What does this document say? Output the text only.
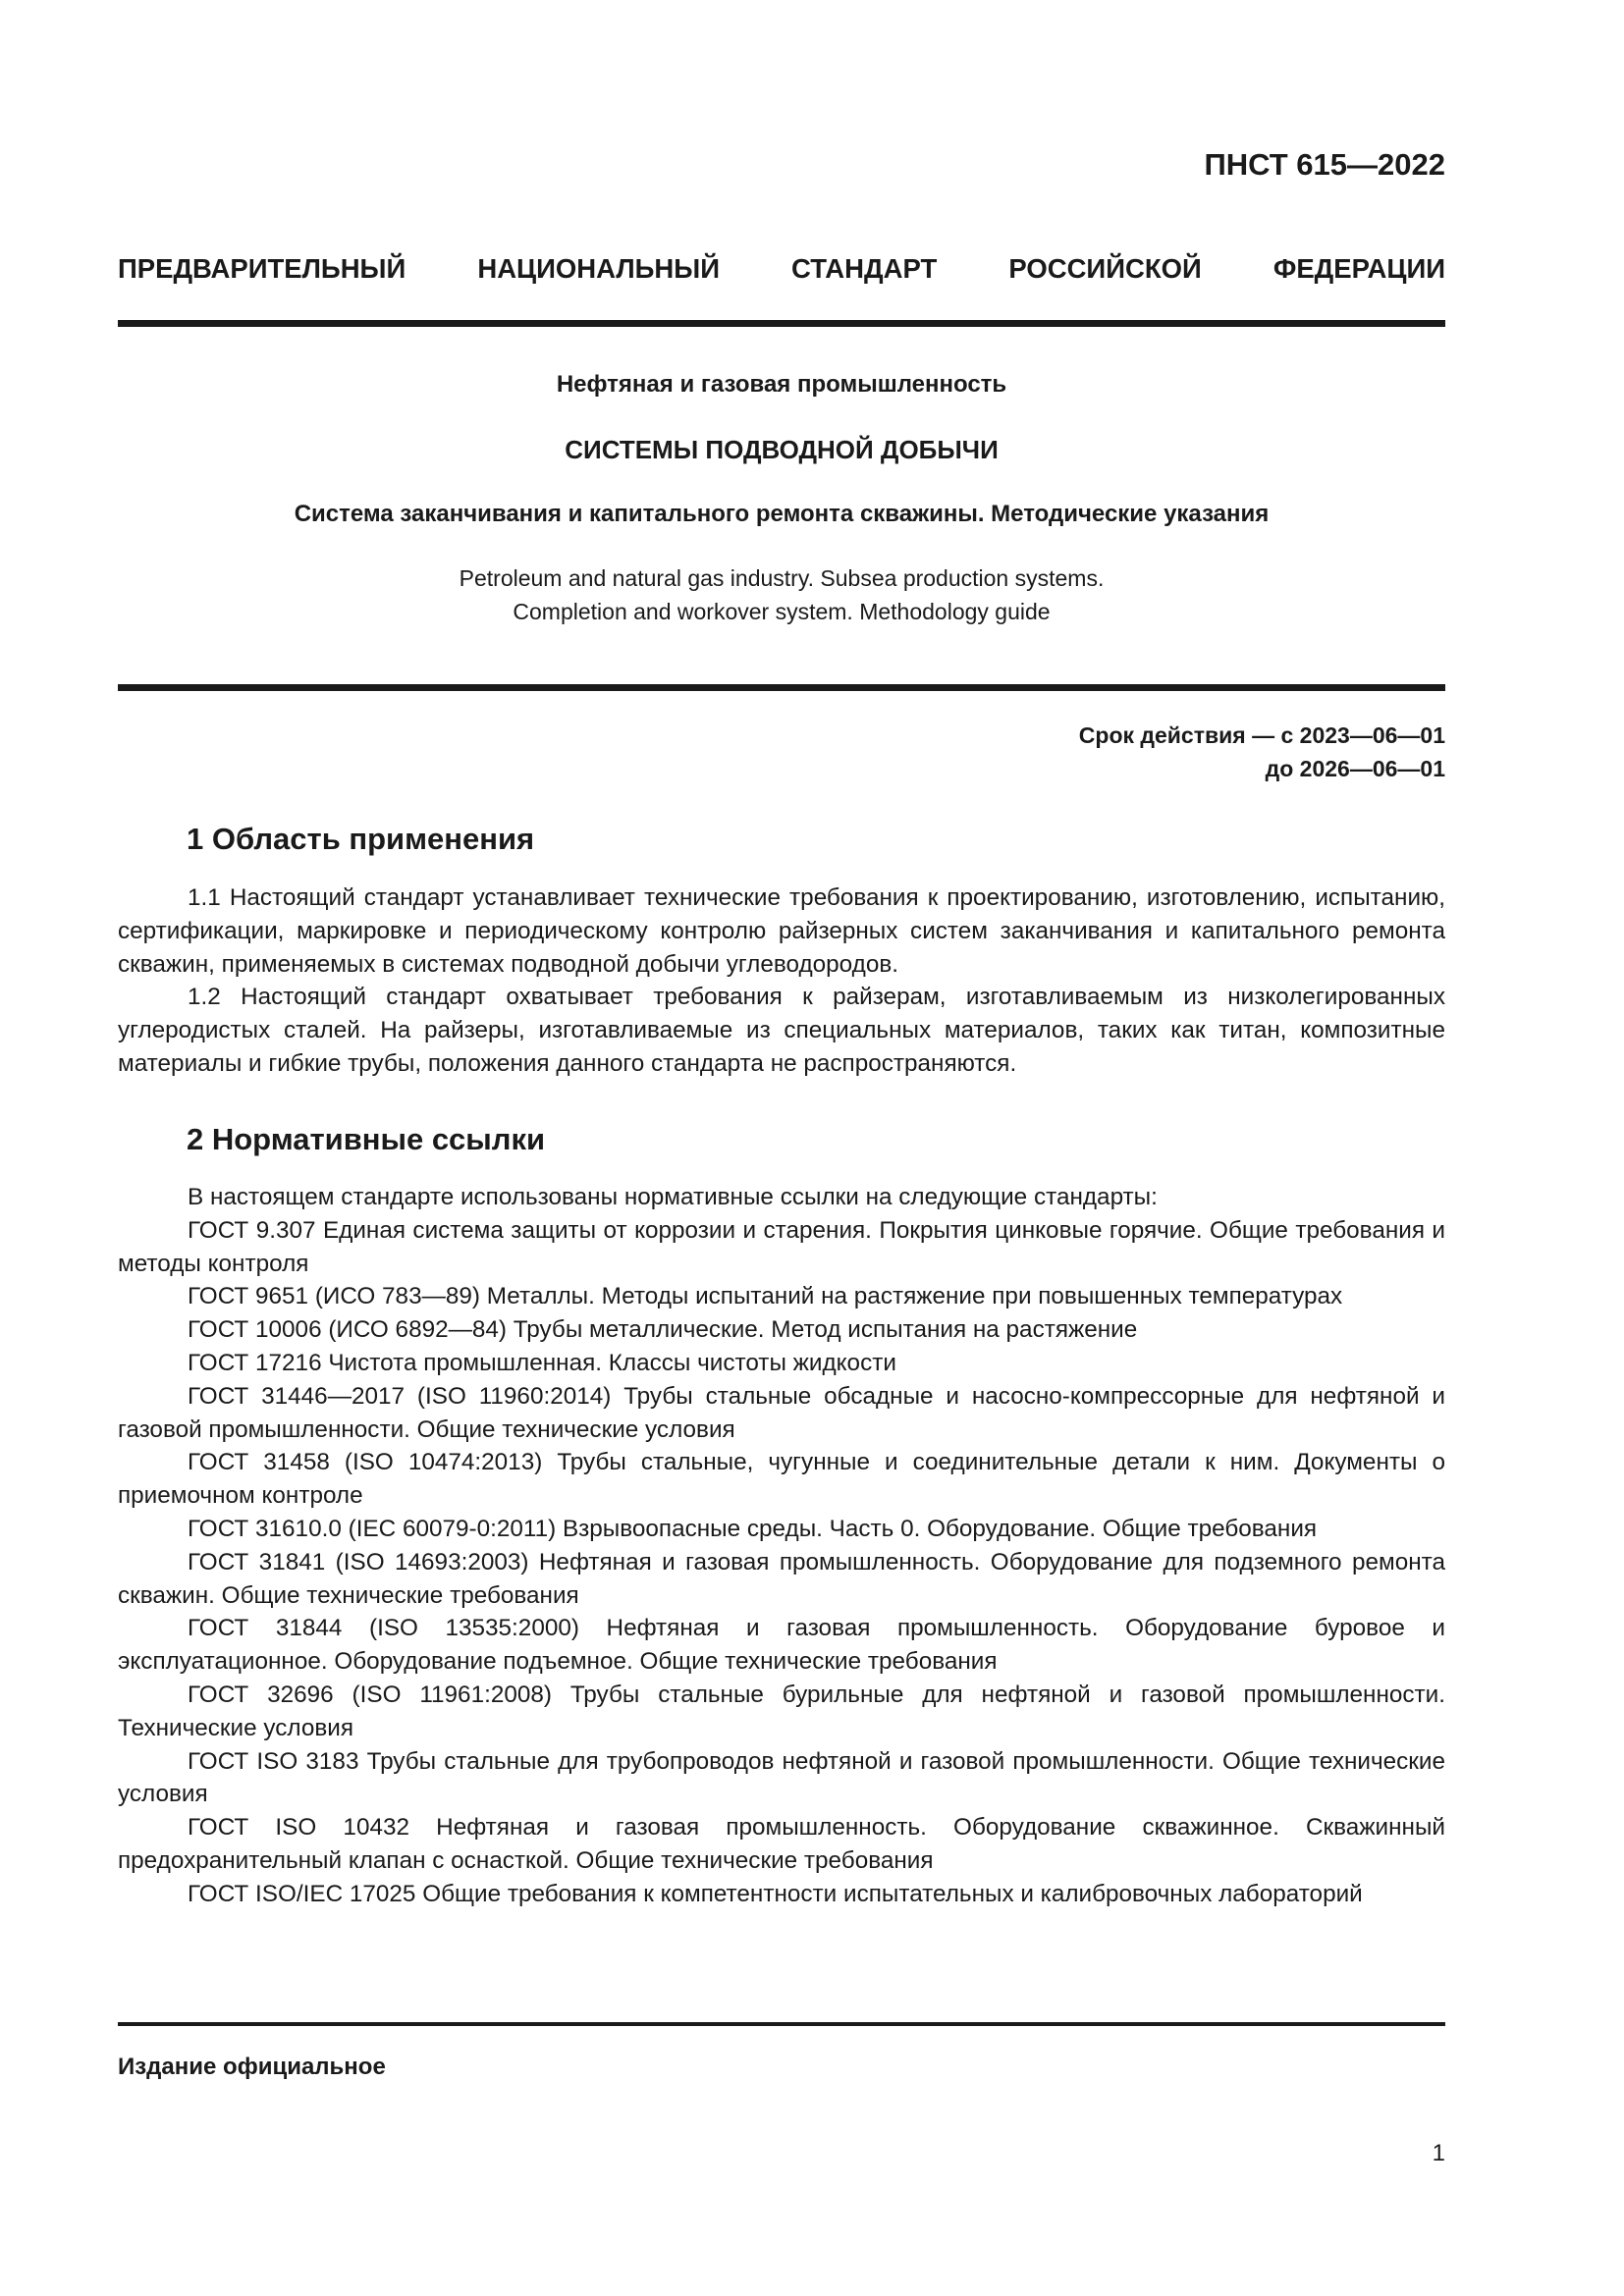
ПНСТ 615—2022
ПРЕДВАРИТЕЛЬНЫЙ НАЦИОНАЛЬНЫЙ СТАНДАРТ РОССИЙСКОЙ ФЕДЕРАЦИИ
Нефтяная и газовая промышленность
СИСТЕМЫ ПОДВОДНОЙ ДОБЫЧИ
Система заканчивания и капитального ремонта скважины. Методические указания
Petroleum and natural gas industry. Subsea production systems.
Completion and workover system. Methodology guide
Срок действия — с 2023—06—01
до 2026—06—01
1 Область применения

1.1 Настоящий стандарт устанавливает технические требования к проектированию, изготовлению, испытанию, сертификации, маркировке и периодическому контролю райзерных систем заканчивания и капитального ремонта скважин, применяемых в системах подводной добычи углеводородов.

1.2 Настоящий стандарт охватывает требования к райзерам, изготавливаемым из низколегированных углеродистых сталей. На райзеры, изготавливаемые из специальных материалов, таких как титан, композитные материалы и гибкие трубы, положения данного стандарта не распространяются.

2 Нормативные ссылки

В настоящем стандарте использованы нормативные ссылки на следующие стандарты:

ГОСТ 9.307 Единая система защиты от коррозии и старения. Покрытия цинковые горячие. Общие требования и методы контроля

ГОСТ 9651 (ИСО 783—89) Металлы. Методы испытаний на растяжение при повышенных температурах

ГОСТ 10006 (ИСО 6892—84) Трубы металлические. Метод испытания на растяжение

ГОСТ 17216 Чистота промышленная. Классы чистоты жидкости

ГОСТ 31446—2017 (ISO 11960:2014) Трубы стальные обсадные и насосно-компрессорные для нефтяной и газовой промышленности. Общие технические условия

ГОСТ 31458 (ISO 10474:2013) Трубы стальные, чугунные и соединительные детали к ним. Документы о приемочном контроле

ГОСТ 31610.0 (IEC 60079-0:2011) Взрывоопасные среды. Часть 0. Оборудование. Общие требования

ГОСТ 31841 (ISO 14693:2003) Нефтяная и газовая промышленность. Оборудование для подземного ремонта скважин. Общие технические требования

ГОСТ 31844 (ISO 13535:2000) Нефтяная и газовая промышленность. Оборудование буровое и эксплуатационное. Оборудование подъемное. Общие технические требования

ГОСТ 32696 (ISO 11961:2008) Трубы стальные бурильные для нефтяной и газовой промышленности. Технические условия

ГОСТ ISO 3183 Трубы стальные для трубопроводов нефтяной и газовой промышленности. Общие технические условия

ГОСТ ISO 10432 Нефтяная и газовая промышленность. Оборудование скважинное. Скважинный предохранительный клапан с оснасткой. Общие технические требования

ГОСТ ISO/IEC 17025 Общие требования к компетентности испытательных и калибровочных лабораторий

Издание официальное
1
